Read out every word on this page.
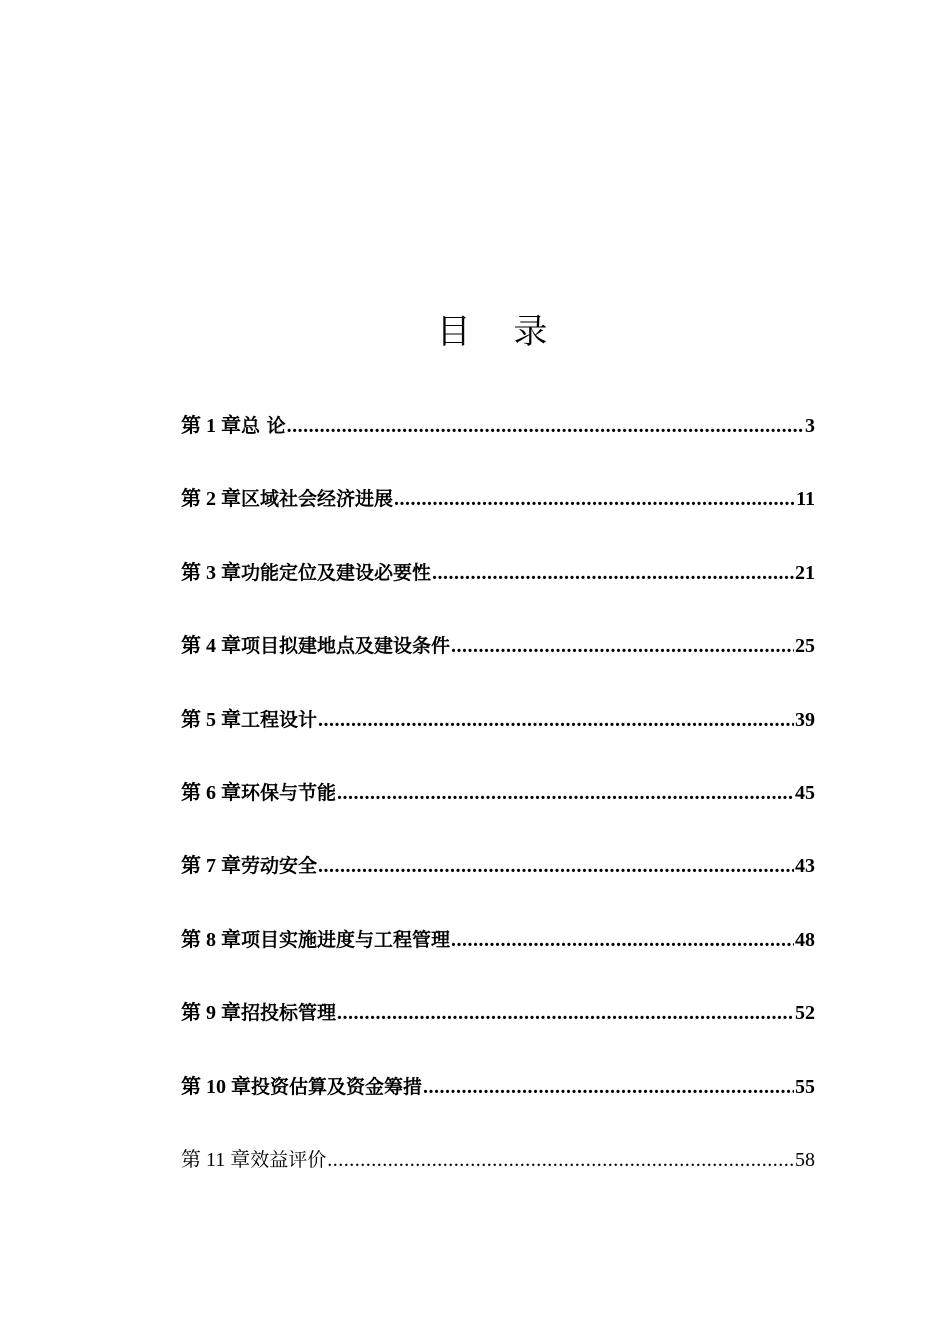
目 录
第 1 章 总 论 .....	3
第 2 章 区域社会经济进展 .....	11
第 3 章 功能定位及建设必要性 .....	21
第 4 章 项目拟建地点及建设条件 .....	25
第 5 章 工程设计 .....	39
第 6 章 环保与节能 .....	45
第 7 章 劳动安全 .....	43
第 8 章 项目实施进度与工程管理 .....	48
第 9 章 招投标管理 .....	52
第 10 章 投资估算及资金筹措 .....	55
第 11 章 效益评价 .....	58
